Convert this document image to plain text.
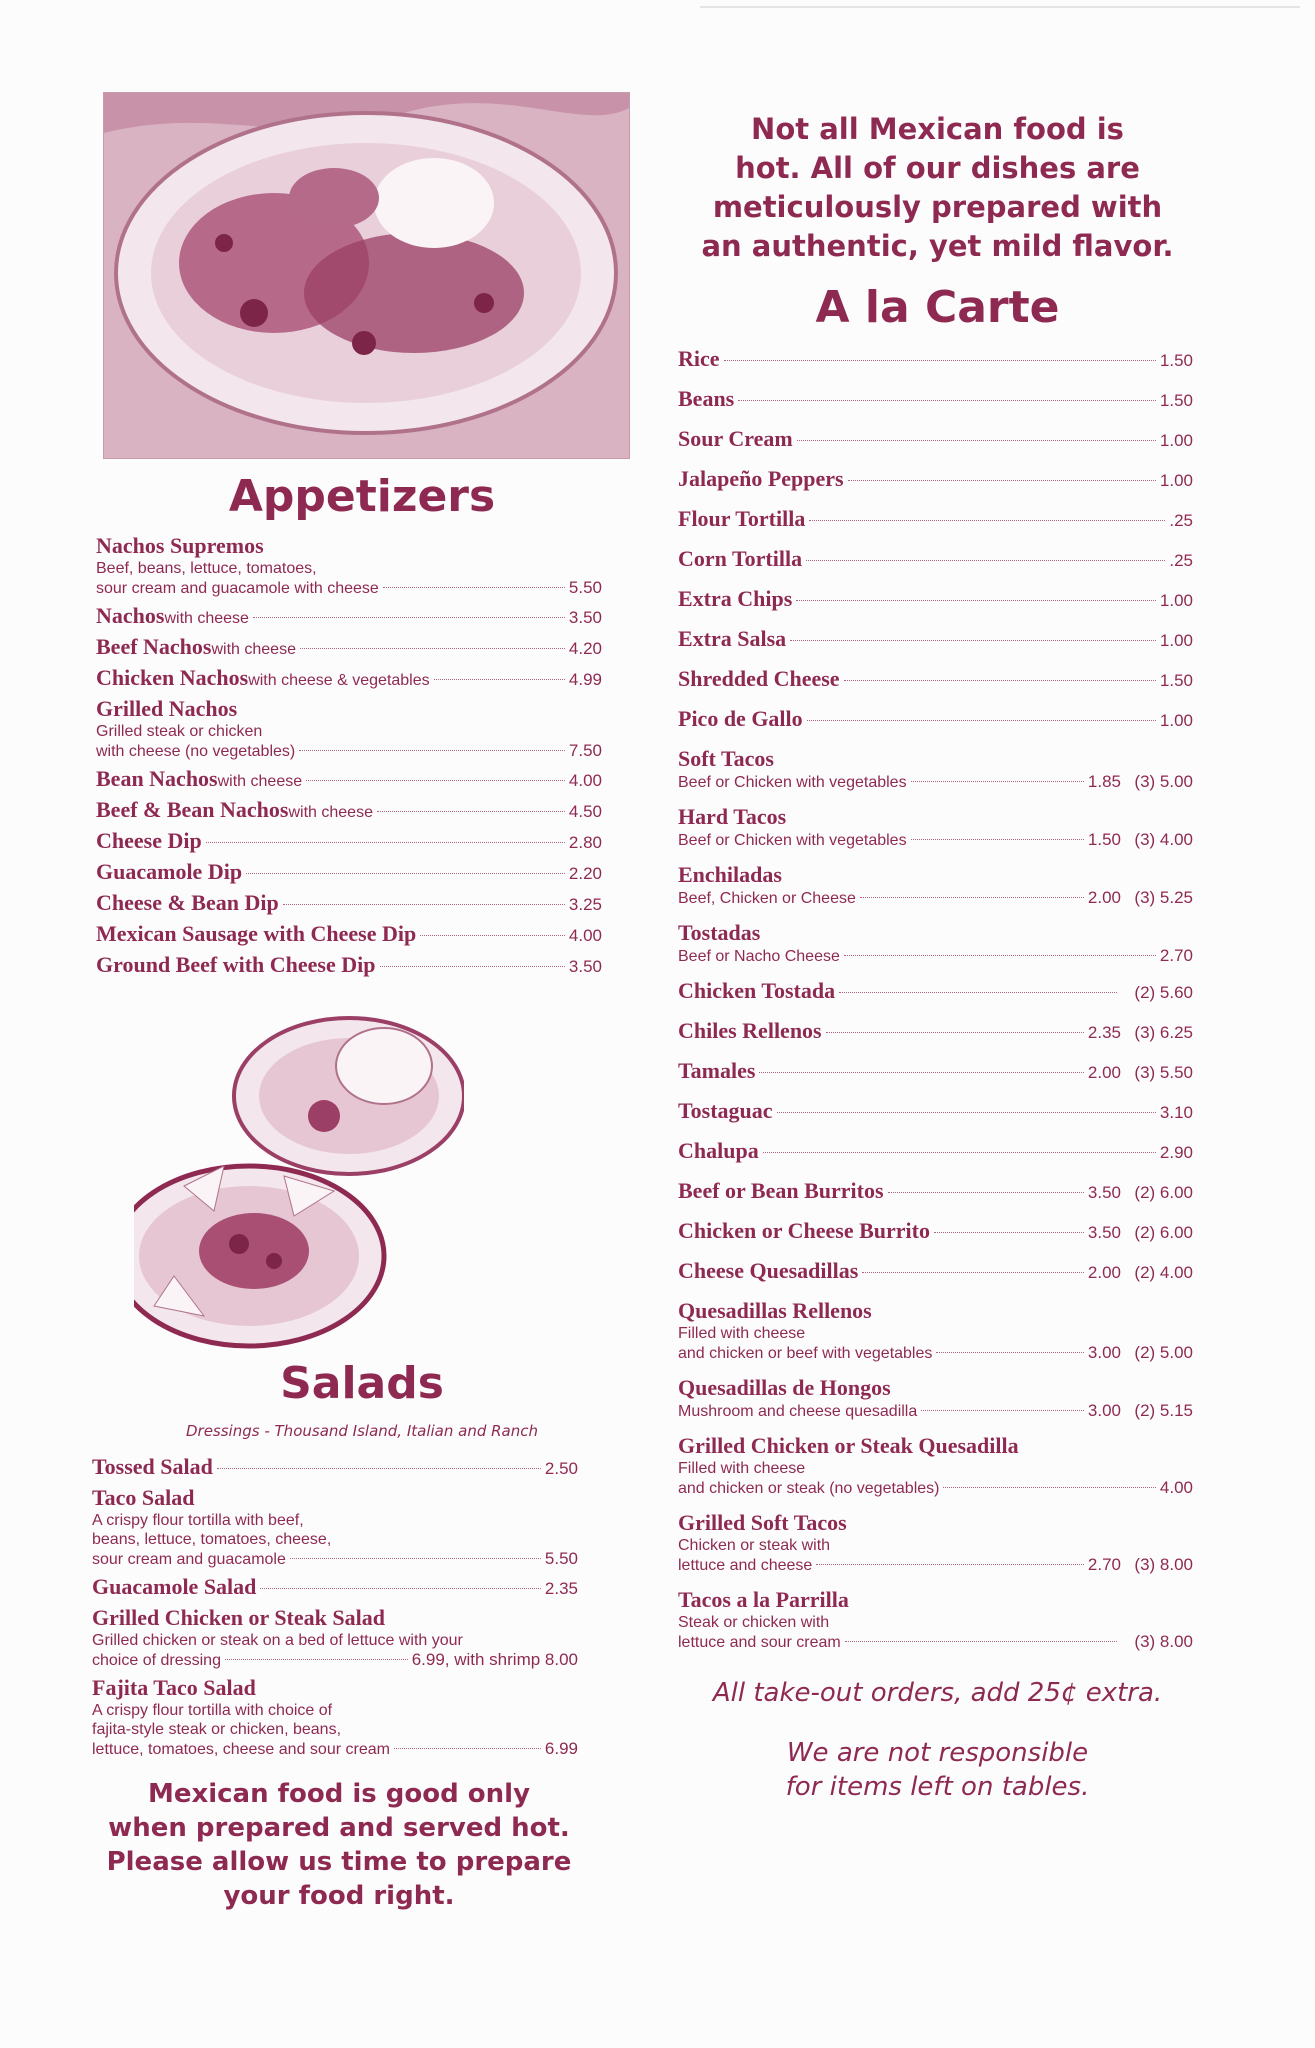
Appetizers
Nachos Supremos
Beef, beans, lettuce, tomatoes,
sour cream and guacamole with cheese	5.50
Nachos with cheese	3.50
Beef Nachos with cheese	4.20
Chicken Nachos with cheese & vegetables	4.99
Grilled Nachos
Grilled steak or chicken
with cheese (no vegetables)	7.50
Bean Nachos with cheese	4.00
Beef & Bean Nachos with cheese	4.50
Cheese Dip	2.80
Guacamole Dip	2.20
Cheese & Bean Dip	3.25
Mexican Sausage with Cheese Dip	4.00
Ground Beef with Cheese Dip	3.50
Salads
Dressings - Thousand Island, Italian and Ranch
Tossed Salad	2.50
Taco Salad
A crispy flour tortilla with beef,
beans, lettuce, tomatoes, cheese,
sour cream and guacamole	5.50
Guacamole Salad	2.35
Grilled Chicken or Steak Salad
Grilled chicken or steak on a bed of lettuce with your
choice of dressing	6.99, with shrimp 8.00
Fajita Taco Salad
A crispy flour tortilla with choice of
fajita-style steak or chicken, beans,
lettuce, tomatoes, cheese and sour cream	6.99
Mexican food is good only
when prepared and served hot.
Please allow us time to prepare
your food right.
Not all Mexican food is
hot. All of our dishes are
meticulously prepared with
an authentic, yet mild flavor.
A la Carte
Rice	1.50
Beans	1.50
Sour Cream	1.00
Jalapeño Peppers	1.00
Flour Tortilla	.25
Corn Tortilla	.25
Extra Chips	1.00
Extra Salsa	1.00
Shredded Cheese	1.50
Pico de Gallo	1.00
Soft Tacos
Beef or Chicken with vegetables	1.85 (3) 5.00
Hard Tacos
Beef or Chicken with vegetables	1.50 (3) 4.00
Enchiladas
Beef, Chicken or Cheese	2.00 (3) 5.25
Tostadas
Beef or Nacho Cheese	2.70
Chicken Tostada	(2) 5.60
Chiles Rellenos	2.35 (3) 6.25
Tamales	2.00 (3) 5.50
Tostaguac	3.10
Chalupa	2.90
Beef or Bean Burritos	3.50 (2) 6.00
Chicken or Cheese Burrito	3.50 (2) 6.00
Cheese Quesadillas	2.00 (2) 4.00
Quesadillas Rellenos
Filled with cheese
and chicken or beef with vegetables	3.00 (2) 5.00
Quesadillas de Hongos
Mushroom and cheese quesadilla	3.00 (2) 5.15
Grilled Chicken or Steak Quesadilla
Filled with cheese
and chicken or steak (no vegetables)	4.00
Grilled Soft Tacos
Chicken or steak with
lettuce and cheese	2.70 (3) 8.00
Tacos a la Parrilla
Steak or chicken with
lettuce and sour cream	(3) 8.00
All take-out orders, add 25¢ extra.
We are not responsible
for items left on tables.
